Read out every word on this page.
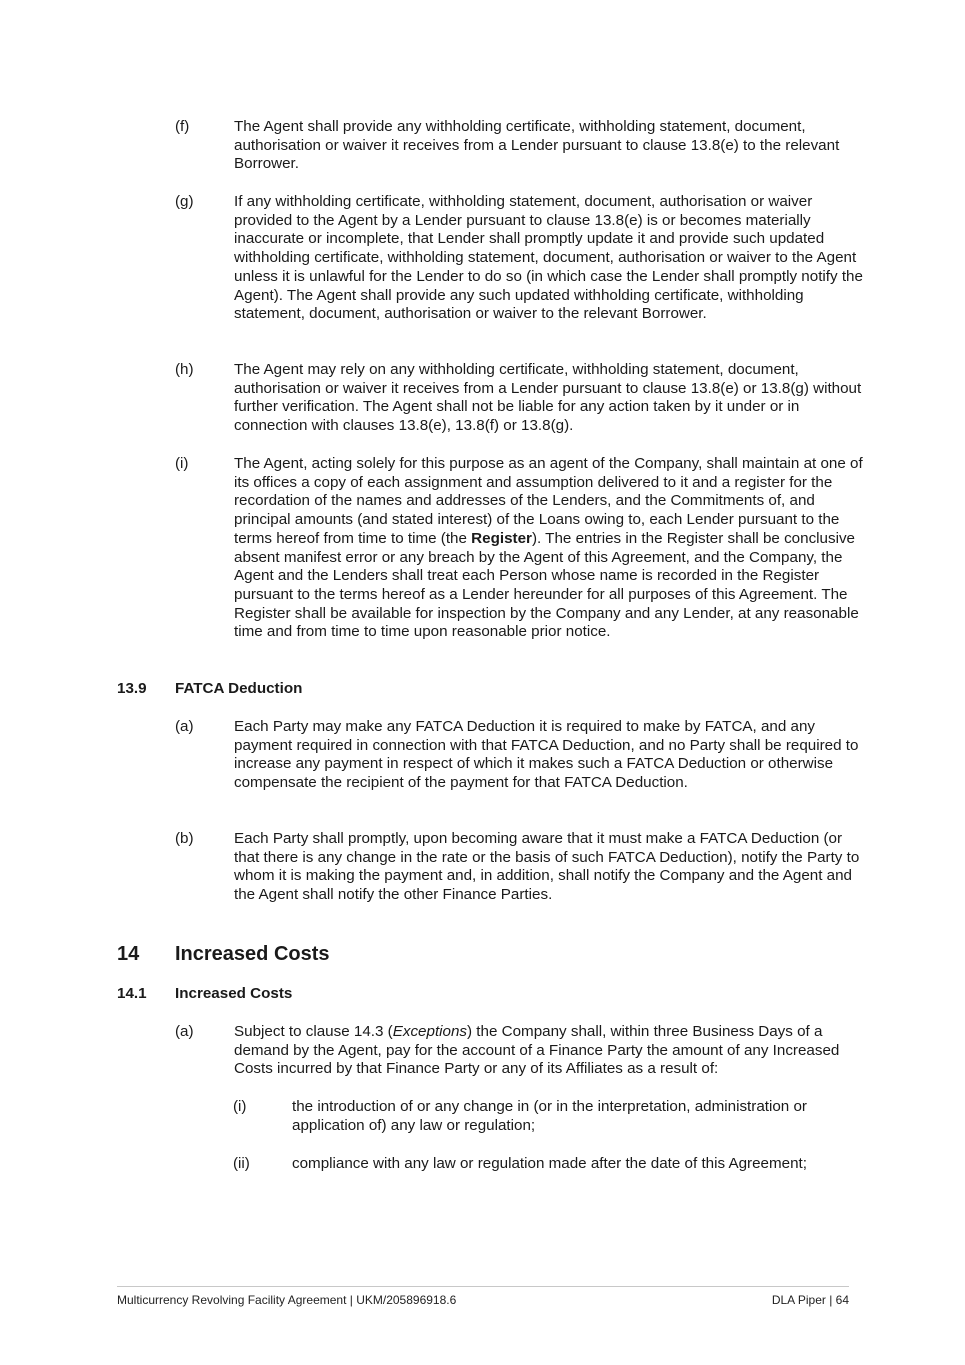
(f)	The Agent shall provide any withholding certificate, withholding statement, document, authorisation or waiver it receives from a Lender pursuant to clause 13.8(e) to the relevant Borrower.
(g)	If any withholding certificate, withholding statement, document, authorisation or waiver provided to the Agent by a Lender pursuant to clause 13.8(e) is or becomes materially inaccurate or incomplete, that Lender shall promptly update it and provide such updated withholding certificate, withholding statement, document, authorisation or waiver to the Agent unless it is unlawful for the Lender to do so (in which case the Lender shall promptly notify the Agent). The Agent shall provide any such updated withholding certificate, withholding statement, document, authorisation or waiver to the relevant Borrower.
(h)	The Agent may rely on any withholding certificate, withholding statement, document, authorisation or waiver it receives from a Lender pursuant to clause 13.8(e) or 13.8(g) without further verification. The Agent shall not be liable for any action taken by it under or in connection with clauses 13.8(e), 13.8(f) or 13.8(g).
(i)	The Agent, acting solely for this purpose as an agent of the Company, shall maintain at one of its offices a copy of each assignment and assumption delivered to it and a register for the recordation of the names and addresses of the Lenders, and the Commitments of, and principal amounts (and stated interest) of the Loans owing to, each Lender pursuant to the terms hereof from time to time (the Register). The entries in the Register shall be conclusive absent manifest error or any breach by the Agent of this Agreement, and the Company, the Agent and the Lenders shall treat each Person whose name is recorded in the Register pursuant to the terms hereof as a Lender hereunder for all purposes of this Agreement. The Register shall be available for inspection by the Company and any Lender, at any reasonable time and from time to time upon reasonable prior notice.
13.9 FATCA Deduction
(a)	Each Party may make any FATCA Deduction it is required to make by FATCA, and any payment required in connection with that FATCA Deduction, and no Party shall be required to increase any payment in respect of which it makes such a FATCA Deduction or otherwise compensate the recipient of the payment for that FATCA Deduction.
(b)	Each Party shall promptly, upon becoming aware that it must make a FATCA Deduction (or that there is any change in the rate or the basis of such FATCA Deduction), notify the Party to whom it is making the payment and, in addition, shall notify the Company and the Agent and the Agent shall notify the other Finance Parties.
14 Increased Costs
14.1 Increased Costs
(a)	Subject to clause 14.3 (Exceptions) the Company shall, within three Business Days of a demand by the Agent, pay for the account of a Finance Party the amount of any Increased Costs incurred by that Finance Party or any of its Affiliates as a result of:
(i)	the introduction of or any change in (or in the interpretation, administration or application of) any law or regulation;
(ii)	compliance with any law or regulation made after the date of this Agreement;
Multicurrency Revolving Facility Agreement | UKM/205896918.6	DLA Piper | 64
